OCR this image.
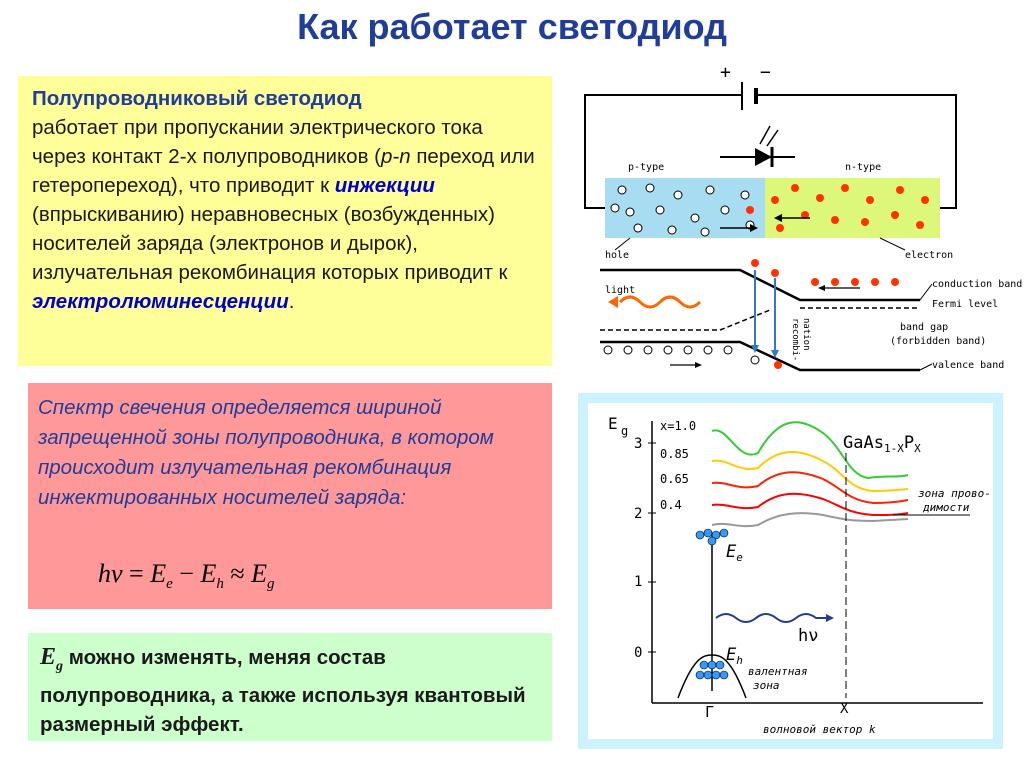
Как работает светодиод
Полупроводниковый светодиод
работает при пропускании электрического тока через контакт 2-х полупроводников (p-n переход или гетеропереход), что приводит к инжекции (впрыскиванию) неравновесных (возбужденных) носителей заряда (электронов и дырок), излучательная рекомбинация которых приводит к электролюминесценции.
Спектр свечения определяется шириной запрещенной зоны полупроводника, в котором происходит излучательная рекомбинация инжектированных носителей заряда:
$h\nu = E_e - E_h \approx E_g$
$E_g$ можно изменять, меняя состав полупроводника, а также используя квантовый размерный эффект.
+ −
p-type	n-type
hole	electron
conduction band
Fermi level
band gap
(forbidden band)
valence band
light
recombi- nation
E g
3
2
1
0
x=1.0
0.85
0.65
0.4
$GaAs_{1-X}P_X$
зона прово-
димости
$E_e$
hν
$E_h$
валентная
зона
Γ	X
волновой вектор k
